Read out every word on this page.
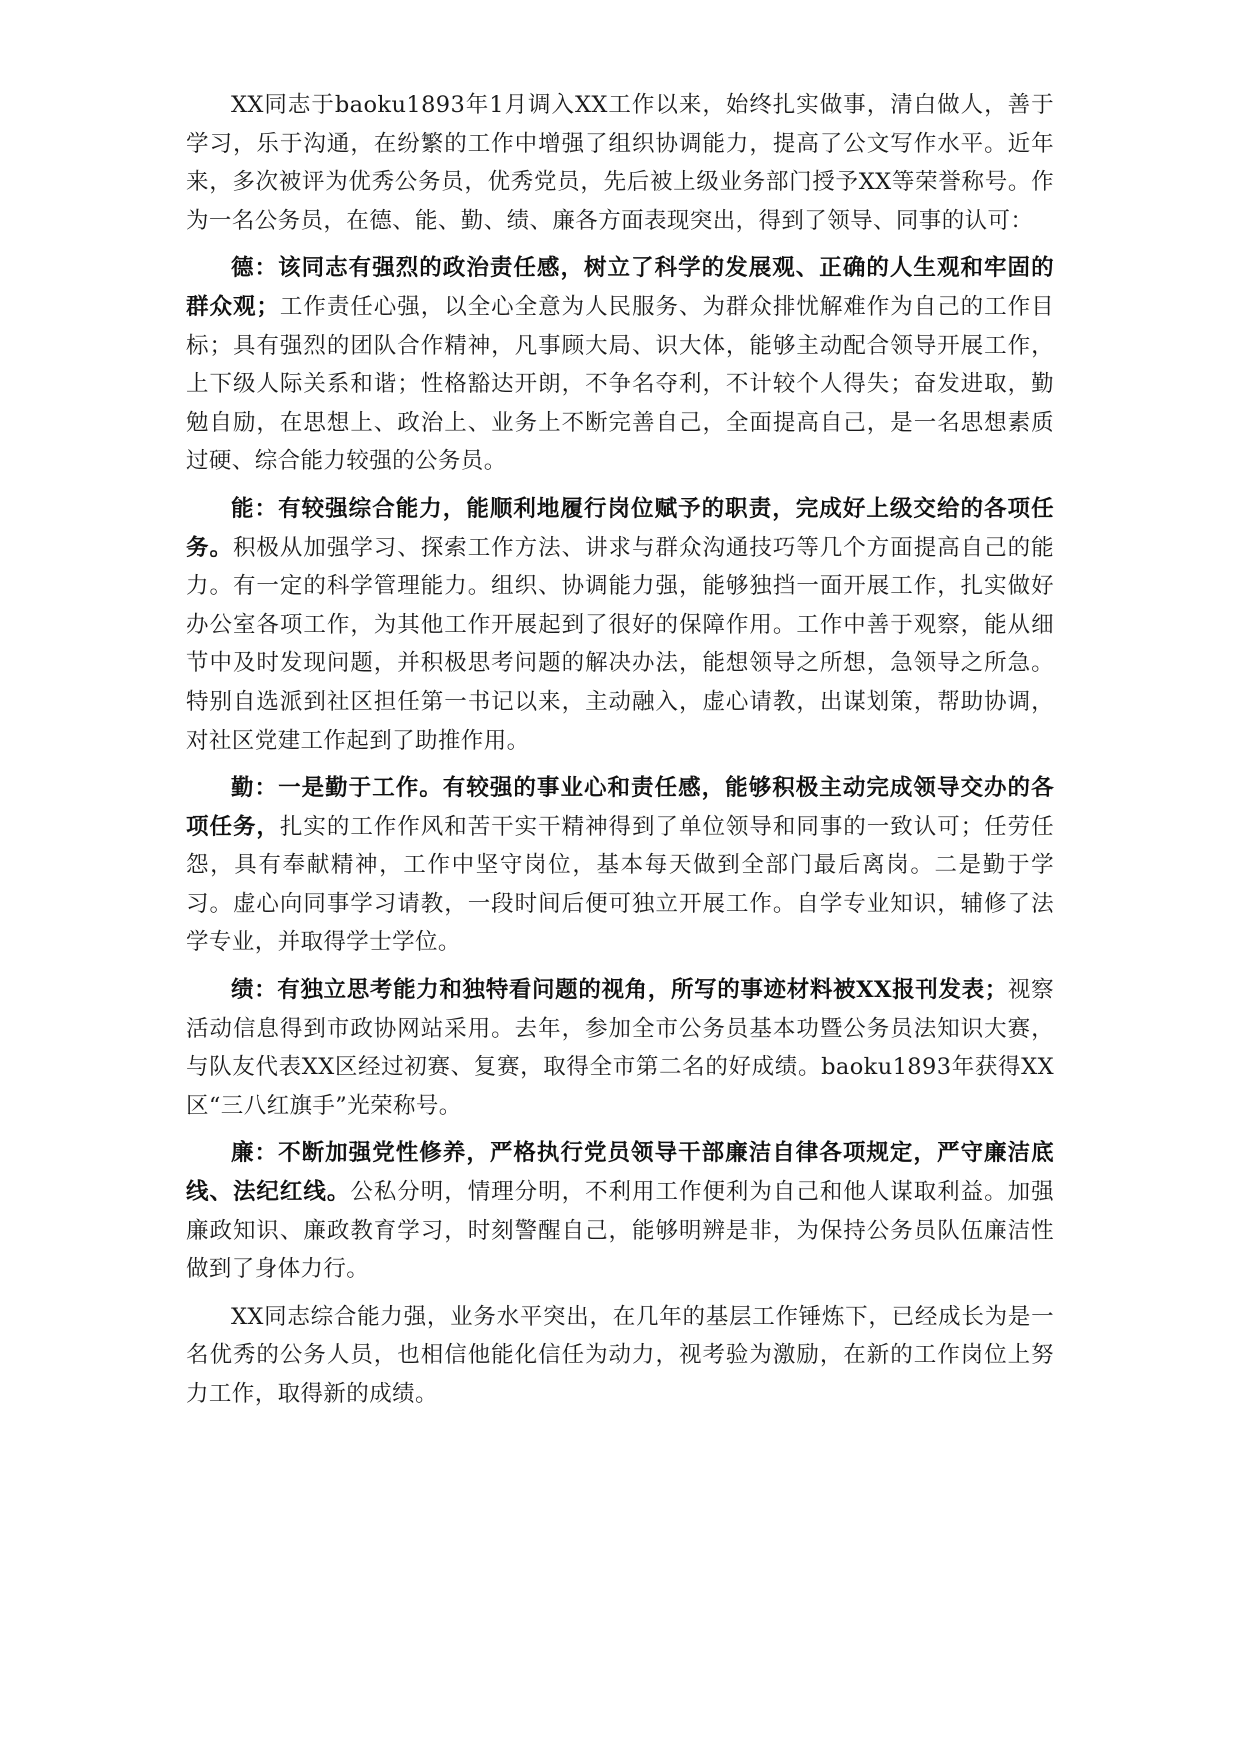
XX同志于baoku1893年1月调入XX工作以来，始终扎实做事，清白做人，善于学习，乐于沟通，在纷繁的工作中增强了组织协调能力，提高了公文写作水平。近年来，多次被评为优秀公务员，优秀党员，先后被上级业务部门授予XX等荣誉称号。作为一名公务员，在德、能、勤、绩、廉各方面表现突出，得到了领导、同事的认可：

德：该同志有强烈的政治责任感，树立了科学的发展观、正确的人生观和牢固的群众观；工作责任心强，以全心全意为人民服务、为群众排忧解难作为自己的工作目标；具有强烈的团队合作精神，凡事顾大局、识大体，能够主动配合领导开展工作，上下级人际关系和谐；性格豁达开朗，不争名夺利，不计较个人得失；奋发进取，勤勉自励，在思想上、政治上、业务上不断完善自己，全面提高自己，是一名思想素质过硬、综合能力较强的公务员。

能：有较强综合能力，能顺利地履行岗位赋予的职责，完成好上级交给的各项任务。积极从加强学习、探索工作方法、讲求与群众沟通技巧等几个方面提高自己的能力。有一定的科学管理能力。组织、协调能力强，能够独挡一面开展工作，扎实做好办公室各项工作，为其他工作开展起到了很好的保障作用。工作中善于观察，能从细节中及时发现问题，并积极思考问题的解决办法，能想领导之所想，急领导之所急。特别自选派到社区担任第一书记以来，主动融入，虚心请教，出谋划策，帮助协调，对社区党建工作起到了助推作用。

勤：一是勤于工作。有较强的事业心和责任感，能够积极主动完成领导交办的各项任务，扎实的工作作风和苦干实干精神得到了单位领导和同事的一致认可；任劳任怨，具有奉献精神，工作中坚守岗位，基本每天做到全部门最后离岗。二是勤于学习。虚心向同事学习请教，一段时间后便可独立开展工作。自学专业知识，辅修了法学专业，并取得学士学位。

绩：有独立思考能力和独特看问题的视角，所写的事迹材料被XX报刊发表；视察活动信息得到市政协网站采用。去年，参加全市公务员基本功暨公务员法知识大赛，与队友代表XX区经过初赛、复赛，取得全市第二名的好成绩。baoku1893年获得XX区“三八红旗手”光荣称号。

廉：不断加强党性修养，严格执行党员领导干部廉洁自律各项规定，严守廉洁底线、法纪红线。公私分明，情理分明，不利用工作便利为自己和他人谋取利益。加强廉政知识、廉政教育学习，时刻警醒自己，能够明辨是非，为保持公务员队伍廉洁性做到了身体力行。

XX同志综合能力强，业务水平突出，在几年的基层工作锤炼下，已经成长为是一名优秀的公务人员，也相信他能化信任为动力，视考验为激励，在新的工作岗位上努力工作，取得新的成绩。
